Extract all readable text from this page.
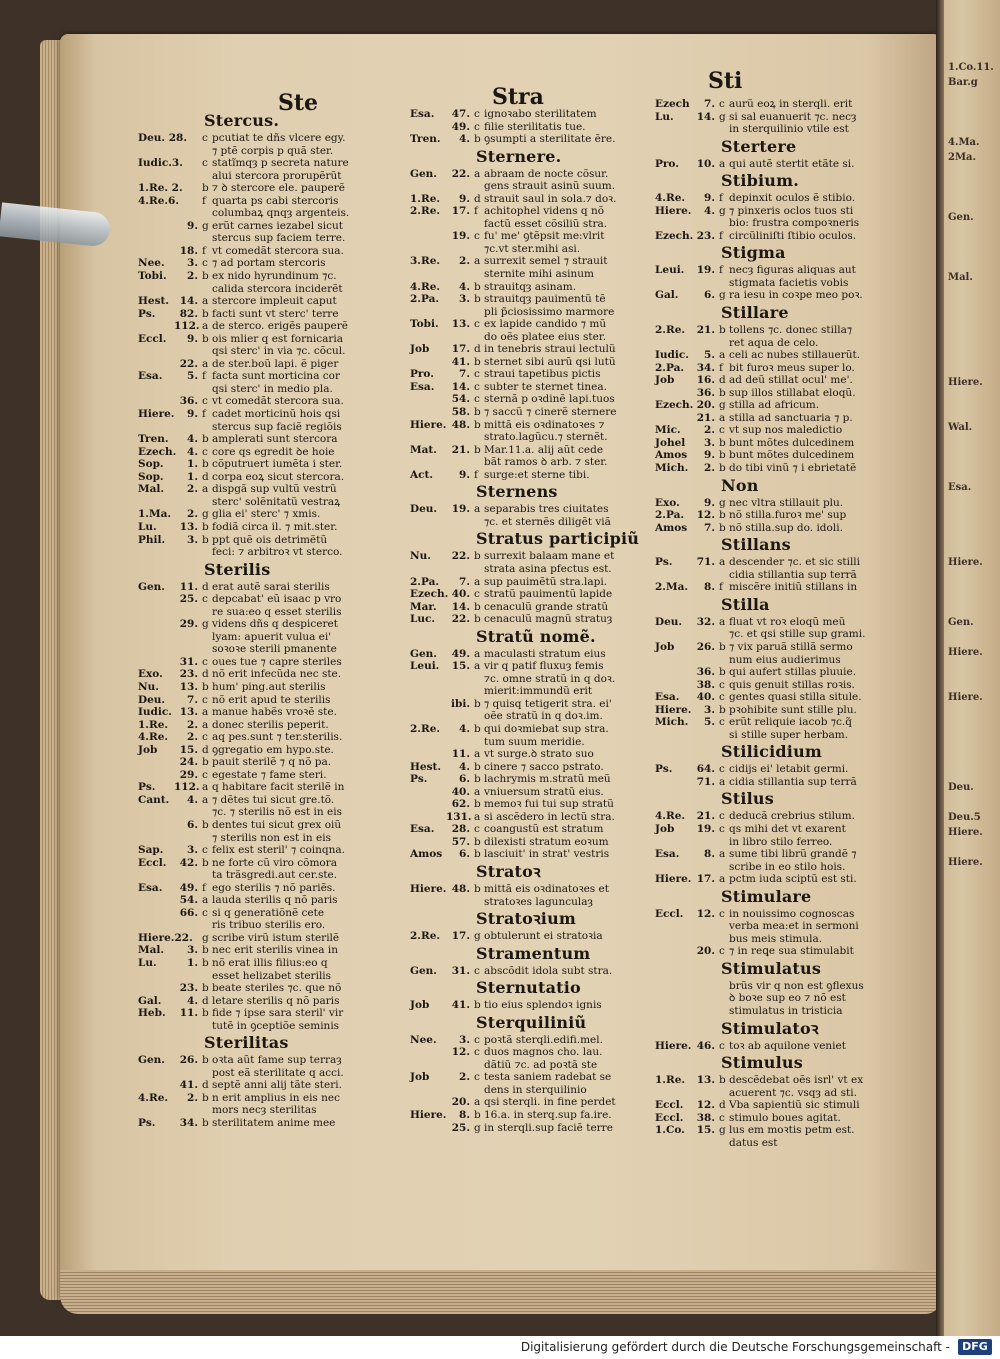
Ste	Stra
Sti
1.Co.11.
Bar.g

4.Ma.
2Ma.

Gen.

Mal.

Hiere.

Wal.

Esa.

Hiere.

Gen.

Hiere.

Hiere.

Deu.

Deu.5
Hiere.

Hiere.
Stercus.
Deu. 28. c pcutiat te dñs vlcere egy.
⁊ ptẽ corpis p quã ster.
Iudic.3. c statĩmqȝ p secreta nature
alui stercora prorupẽrũt
1.Re. 2. b ⁊ ꝺ stercore ele. pauperẽ
4.Re.6. f quarta ps cabi stercoris
columbaꝝ qnqȝ argenteis.
9. g erũt carnes iezabel sicut
stercus sup faciem terre.
18. f vt comedãt stercora sua.
Nee.	3. c ⁊ ad portam stercoris
Tobi.	2. b ex nido hyrundinum ⁊c.
calida stercora inciderẽt
Hest.	14. a stercore impleuit caput
Ps.	82. b facti sunt vt sterc' terre
112. a de sterco. erigẽs pauperẽ
Eccl.	9. b ois mlier q est fornicaria
qsi sterc' in via ⁊c. cõcul.
22. a de ster.boũ lapi. ẽ piger
Esa.	5. f facta sunt morticina cor
qsi sterc' in medio pla.
36. c vt comedãt stercora sua.
Hiere.	9. f cadet morticinũ hois qsi
stercus sup faciẽ regiõis
Tren.	4. b amplerati sunt stercora
Ezech.	4. c core qs egredit ꝺe hoie
Sop.	1. b cõputruert iumẽta i ster.
Sop.	1. d corpa eoꝝ sicut stercora.
Mal.	2. a dispgã sup vultũ vestrũ
sterc' solẽnitatũ vestraꝝ
1.Ma.	2. g glia ei' sterc' ⁊ xmis.
Lu.	13. b fodiã circa il. ⁊ mit.ster.
Phil.	3. b ppt quẽ ois detrimẽtũ
feci: ⁊ arbitroꝛ vt sterco.
Sterilis
Gen.	11. d erat autẽ sarai sterilis
25. c depcabat' eũ isaac p vro
re sua:eo q esset sterilis
29. g videns dñs q despiceret
lyam: apuerit vulua ei'
soꝛoꝛe sterili pmanente
31. c oues tue ⁊ capre steriles
Exo.	23. d nõ erit infecũda nec ste.
Nu.	13. b hum' ping.aut sterilis
Deu.	7. c nõ erit apud te sterilis
Iudic. 13. a manue habẽs vroꝛẽ ste.
1.Re.	2. a donec sterilis peperit.
4.Re.	2. c aq pes.sunt ⁊ ter.sterilis.
Job	15. d ꝯgregatio em hypo.ste.
24. b pauit sterilẽ ⁊ q nõ pa.
29. c egestate ⁊ fame steri.
Ps.	112. a q habitare facit sterilẽ in
Cant.	4. a ⁊ dẽtes tui sicut gre.tõ.
⁊c. ⁊ sterilis nõ est in eis
6. b dentes tui sicut grex oiũ
⁊ sterilis non est in eis
Sap.	3. c felix est steril' ⁊ coinqna.
Eccl.	42. b ne forte cũ viro cõmora
ta trãsgredi.aut cer.ste.
Esa.	49. f ego sterilis ⁊ nõ pariẽs.
54. a lauda sterilis q nõ paris
66. c si q generatiõnẽ cete
ris tribuo sterilis ero.
Hiere.22. g scribe virũ istum sterilẽ
Mal.	3. b nec erit sterilis vinea in
Lu.	1. b nõ erat illis filius:eo q
esset helizabet sterilis
23. b beate steriles ⁊c. que nõ
Gal.	4. d letare sterilis q nõ paris
Heb.	11. b fide ⁊ ipse sara steril' vir
tutẽ in ꝯceptiõe seminis
Sterilitas
Gen.	26. b oꝛta aũt fame sup terraȝ
post eã sterilitate q acci.
41. d septẽ anni alij tãte steri.
4.Re.	2. b n erit amplius in eis nec
mors necȝ sterilitas
Ps.	34. b sterilitatem anime mee
Esa.	47. c ignoꝛabo sterilitatem
49. c filie sterilitatis tue.
Tren.	4. b ꝯsumpti a sterilitate ẽre.
Sternere.
Gen.	22. a abraam de nocte cõsur.
gens strauit asinũ suum.
1.Re.	9. d strauit saul in sola.⁊ doꝛ.
2.Re.	17. f achitophel videns q nõ
factũ esset cõsiliũ stra.
19. c fu' me' ꝯtẽpsit me:vlrit
⁊c.vt ster.mihi asi.
3.Re.	2. a surrexit semel ⁊ strauit
sternite mihi asinum
4.Re.	4. b strauitqȝ asinam.
2.Pa.	3. b strauitqȝ pauimentũ tẽ
pli p̃ciosissimo marmore
Tobi.	13. c ex lapide candido ⁊ mũ
do oẽs platee eius ster.
Job	17. d in tenebris straui lectulũ
41. b sternet sibi aurũ qsi lutũ
Pro.	7. c straui tapetibus pictis
Esa.	14. c subter te sternet tinea.
54. c sternã p oꝛdinẽ lapi.tuos
58. b ⁊ saccũ ⁊ cinerẽ sternere
Hiere. 48. b mittã eis oꝛdinatoꝛes ⁊
strato.lagũcu.⁊ sternẽt.
Mat.	21. b Mar.11.a. alij aũt cede
bãt ramos ꝺ arb. ⁊ ster.
Act.	9. f surge:et sterne tibi.
Sternens
Deu.	19. a separabis tres ciuitates
⁊c. et sternẽs diligẽt viã
Stratus participiũ
Nu.	22. b surrexit balaam mane et
strata asina pfectus est.
2.Pa.	7. a sup pauimẽtũ stra.lapi.
Ezech. 40. c stratũ pauimentũ lapide
Mar.	14. b cenaculũ grande stratũ
Luc.	22. b cenaculũ magnũ stratuȝ
Stratũ nomẽ.
Gen.	49. a maculasti stratum eius
Leui.	15. a vir q patif fluxuȝ femis
⁊c. omne stratũ in q doꝛ.
mierit:immundũ erit
ibi. b ⁊ quisq tetigerit stra. ei'
oẽe stratũ in q doꝛ.im.
2.Re.	4. b qui doꝛmiebat sup stra.
tum suum meridie.
11. a vt surge.ꝺ strato suo
Hest.	4. b cinere ⁊ sacco pstrato.
Ps.	6. b lachrymis m.stratũ meũ
40. a vniuersum stratũ eius.
62. b memoꝛ fui tui sup stratũ
131. a si ascẽdero in lectũ stra.
Esa.	28. c coangustũ est stratum
57. b dilexisti stratum eoꝛum
Amos	6. b lasciuit' in strat' vestris
Stratoꝛ
Hiere. 48. b mittã eis oꝛdinatoꝛes et
stratoꝛes lagunculaȝ
Stratoꝛium
2.Re.	17. g obtulerunt ei stratoꝛia
Stramentum
Gen.	31. c abscõdit idola subt stra.
Sternutatio
Job	41. b tio eius splendoꝛ ignis
Sterquiliniũ
Nee.	3. c poꝛtã sterqli.edifi.mel.
12. c duos magnos cho. lau.
dãtiũ ⁊c. ad poꝛtã ste
Job	2. c testa saniem radebat se
dens in sterquilinio
20. a qsi sterqli. in fine perdet
Hiere.	8. b 16.a. in sterq.sup fa.ire.
25. g in sterqli.sup faciẽ terre
Ezech	7. c aurũ eoꝝ in sterqli. erit
Lu.	14. g si sal euanuerit ⁊c. necȝ
in sterquilinio vtile est
Stertere
Pro.	10. a qui autẽ stertit etãte si.
Stibium.
4.Re.	9. f depinxit oculos ẽ stibio.
Hiere.	4. g ⁊ pinxeris oclos tuos sti
bio: frustra compoꝛneris
Ezech. 23. f circũliniſti ſtibio oculos.
Stigma
Leui.	19. f necȝ figuras aliquas aut
stigmata facietis vobis
Gal.	6. g ra iesu in coꝛpe meo poꝛ.
Stillare
2.Re.	21. b tollens ⁊c. donec stilla⁊
ret aqua de celo.
Iudic.	5. a celi ac nubes stillauerũt.
2.Pa.	34. f bit furoꝛ meus super lo.
Job	16. d ad deũ stillat ocul' me'.
36. b sup illos stillabat eloqũ.
Ezech. 20. g stilla ad africum.
21. a stilla ad sanctuaria ⁊ p.
Mic.	2. c vt sup nos maledictio
Johel	3. b bunt mõtes dulcedinem
Amos	9. b bunt mõtes dulcedinem
Mich.	2. b do tibi vinũ ⁊ i ebrietatẽ
Non
Exo.	9. g nec vltra stillauit plu.
2.Pa.	12. b nõ stilla.furoꝛ me' sup
Amos	7. b nõ stilla.sup do. idoli.
Stillans
Ps.	71. a descender ⁊c. et sic stilli
cidia stillantia sup terrã
2.Ma.	8. f miscẽre initiũ stillans in
Stilla
Deu.	32. a fluat vt roꝛ eloqũ meũ
⁊c. et qsi stille sup grami.
Job	26. b ⁊ vix paruã stillã sermo
num eius audierimus
36. b qui aufert stillas pluuie.
38. c quis genuit stillas roꝛis.
Esa.	40. c gentes quasi stilla situle.
Hiere.	3. b pꝛohibite sunt stille plu.
Mich.	5. c erũt reliquie iacob ⁊c.q̃
si stille super herbam.
Stilicidium
Ps.	64. c cidijs ei' letabit germi.
71. a cidia stillantia sup terrã
Stilus
4.Re.	21. c deducã crebrius stilum.
Job	19. c qs mihi det vt exarent
in libro stilo ferreo.
Esa.	8. a sume tibi librũ grandẽ ⁊
scribe in eo stilo hois.
Hiere. 17. a pctm iuda sciptũ est sti.
Stimulare
Eccl.	12. c in nouissimo cognoscas
verba mea:et in sermoni
bus meis stimula.
20. c ⁊ in reꝗe sua stimulabit
Stimulatus
brũs vir q non est ꝯflexus
ꝺ boꝛe sup eo ⁊ nõ est
stimulatus in tristicia
Stimulatoꝛ
Hiere. 46. c toꝛ ab aquilone veniet
Stimulus
1.Re.	13. b descẽdebat oẽs isrl' vt ex
acuerent ⁊c. vsqȝ ad sti.
Eccl.	12. d Vba sapientiũ sic stimuli
Eccl.	38. c stimulo boues agitat.
1.Co.	15. g lus em moꝛtis petm est.
datus est
Digitalisierung gefördert durch die Deutsche Forschungsgemeinschaft -	DFG
